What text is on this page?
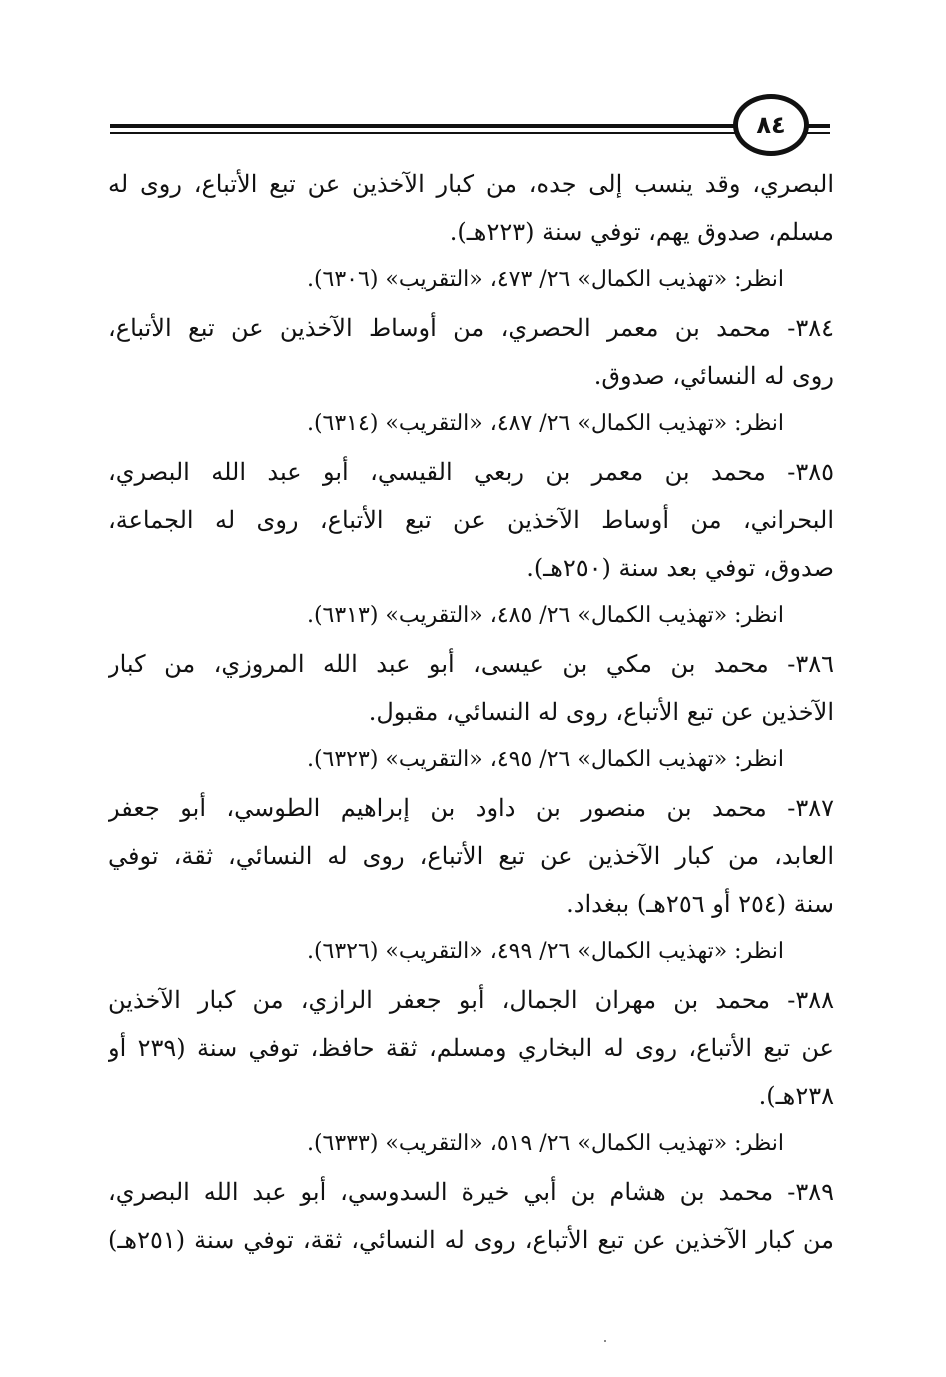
٨٤
البصري، وقد ينسب إلى جده، من كبار الآخذين عن تبع الأتباع، روى له
مسلم، صدوق يهم، توفي سنة (٢٢٣هـ).
انظر: «تهذيب الكمال» ٢٦/ ٤٧٣، «التقريب» (٦٣٠٦).
٣٨٤- محمد بن معمر الحصري، من أوساط الآخذين عن تبع الأتباع،
روى له النسائي، صدوق.
انظر: «تهذيب الكمال» ٢٦/ ٤٨٧، «التقريب» (٦٣١٤).
٣٨٥- محمد بن معمر بن ربعي القيسي، أبو عبد الله البصري،
البحراني، من أوساط الآخذين عن تبع الأتباع، روى له الجماعة،
صدوق، توفي بعد سنة (٢٥٠هـ).
انظر: «تهذيب الكمال» ٢٦/ ٤٨٥، «التقريب» (٦٣١٣).
٣٨٦- محمد بن مكي بن عيسى، أبو عبد الله المروزي، من كبار
الآخذين عن تبع الأتباع، روى له النسائي، مقبول.
انظر: «تهذيب الكمال» ٢٦/ ٤٩٥، «التقريب» (٦٣٢٣).
٣٨٧- محمد بن منصور بن داود بن إبراهيم الطوسي، أبو جعفر
العابد، من كبار الآخذين عن تبع الأتباع، روى له النسائي، ثقة، توفي
سنة (٢٥٤ أو ٢٥٦هـ) ببغداد.
انظر: «تهذيب الكمال» ٢٦/ ٤٩٩، «التقريب» (٦٣٢٦).
٣٨٨- محمد بن مهران الجمال، أبو جعفر الرازي، من كبار الآخذين
عن تبع الأتباع، روى له البخاري ومسلم، ثقة حافظ، توفي سنة (٢٣٩ أو
٢٣٨هـ).
انظر: «تهذيب الكمال» ٢٦/ ٥١٩، «التقريب» (٦٣٣٣).
٣٨٩- محمد بن هشام بن أبي خيرة السدوسي، أبو عبد الله البصري،
من كبار الآخذين عن تبع الأتباع، روى له النسائي، ثقة، توفي سنة (٢٥١هـ)
